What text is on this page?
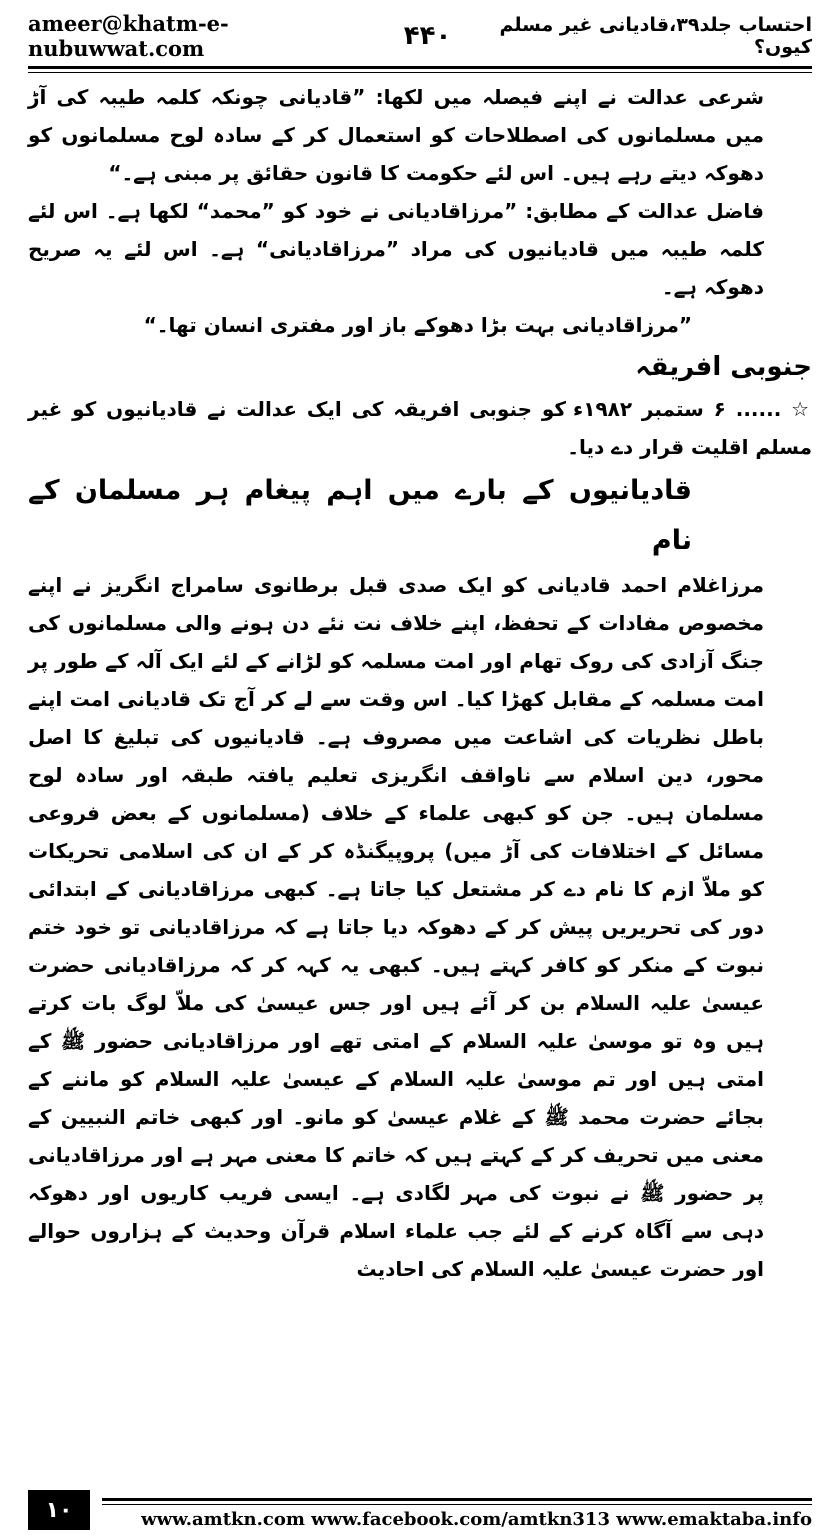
ameer@khatm-e-nubuwwat.com	۴۴۰	احتساب جلد۳۹،قادیانی غیر مسلم کیوں؟

شرعی عدالت نے اپنے فیصلہ میں لکھا: ”قادیانی چونکہ کلمہ طیبہ کی آڑ میں مسلمانوں کی اصطلاحات کو استعمال کر کے سادہ لوح مسلمانوں کو دھوکہ دیتے رہے ہیں۔ اس لئے حکومت کا قانون حقائق پر مبنی ہے۔“

فاضل عدالت کے مطابق: ”مرزاقادیانی نے خود کو ”محمد“ لکھا ہے۔ اس لئے کلمہ طیبہ میں قادیانیوں کی مراد ”مرزاقادیانی“ ہے۔ اس لئے یہ صریح دھوکہ ہے۔

”مرزاقادیانی بہت بڑا دھوکے باز اور مفتری انسان تھا۔“

جنوبی افریقہ

☆ ...... ۶ ستمبر ۱۹۸۲ء کو جنوبی افریقہ کی ایک عدالت نے قادیانیوں کو غیر مسلم اقلیت قرار دے دیا۔

قادیانیوں کے بارے میں اہم پیغام ہر مسلمان کے نام

مرزاغلام احمد قادیانی کو ایک صدی قبل برطانوی سامراج انگریز نے اپنے مخصوص مفادات کے تحفظ، اپنے خلاف نت نئے دن ہونے والی مسلمانوں کی جنگ آزادی کی روک تھام اور امت مسلمہ کو لڑانے کے لئے ایک آلہ کے طور پر امت مسلمہ کے مقابل کھڑا کیا۔ اس وقت سے لے کر آج تک قادیانی امت اپنے باطل نظریات کی اشاعت میں مصروف ہے۔ قادیانیوں کی تبلیغ کا اصل محور، دین اسلام سے ناواقف انگریزی تعلیم یافتہ طبقہ اور سادہ لوح مسلمان ہیں۔ جن کو کبھی علماء کے خلاف (مسلمانوں کے بعض فروعی مسائل کے اختلافات کی آڑ میں) پروپیگنڈہ کر کے ان کی اسلامی تحریکات کو ملاّ ازم کا نام دے کر مشتعل کیا جاتا ہے۔ کبھی مرزاقادیانی کے ابتدائی دور کی تحریریں پیش کر کے دھوکہ دیا جاتا ہے کہ مرزاقادیانی تو خود ختم نبوت کے منکر کو کافر کہتے ہیں۔ کبھی یہ کہہ کر کہ مرزاقادیانی حضرت عیسیٰ علیہ السلام بن کر آئے ہیں اور جس عیسیٰ کی ملاّ لوگ بات کرتے ہیں وہ تو موسیٰ علیہ السلام کے امتی تھے اور مرزاقادیانی حضور ﷺ کے امتی ہیں اور تم موسیٰ علیہ السلام کے عیسیٰ علیہ السلام کو ماننے کے بجائے حضرت محمد ﷺ کے غلام عیسیٰ کو مانو۔ اور کبھی خاتم النبیین کے معنی میں تحریف کر کے کہتے ہیں کہ خاتم کا معنی مہر ہے اور مرزاقادیانی پر حضور ﷺ نے نبوت کی مہر لگادی ہے۔ ایسی فریب کاریوں اور دھوکہ دہی سے آگاہ کرنے کے لئے جب علماء اسلام قرآن وحدیث کے ہزاروں حوالے اور حضرت عیسیٰ علیہ السلام کی احادیث

۱۰	www.amtkn.com www.facebook.com/amtkn313 www.emaktaba.info
